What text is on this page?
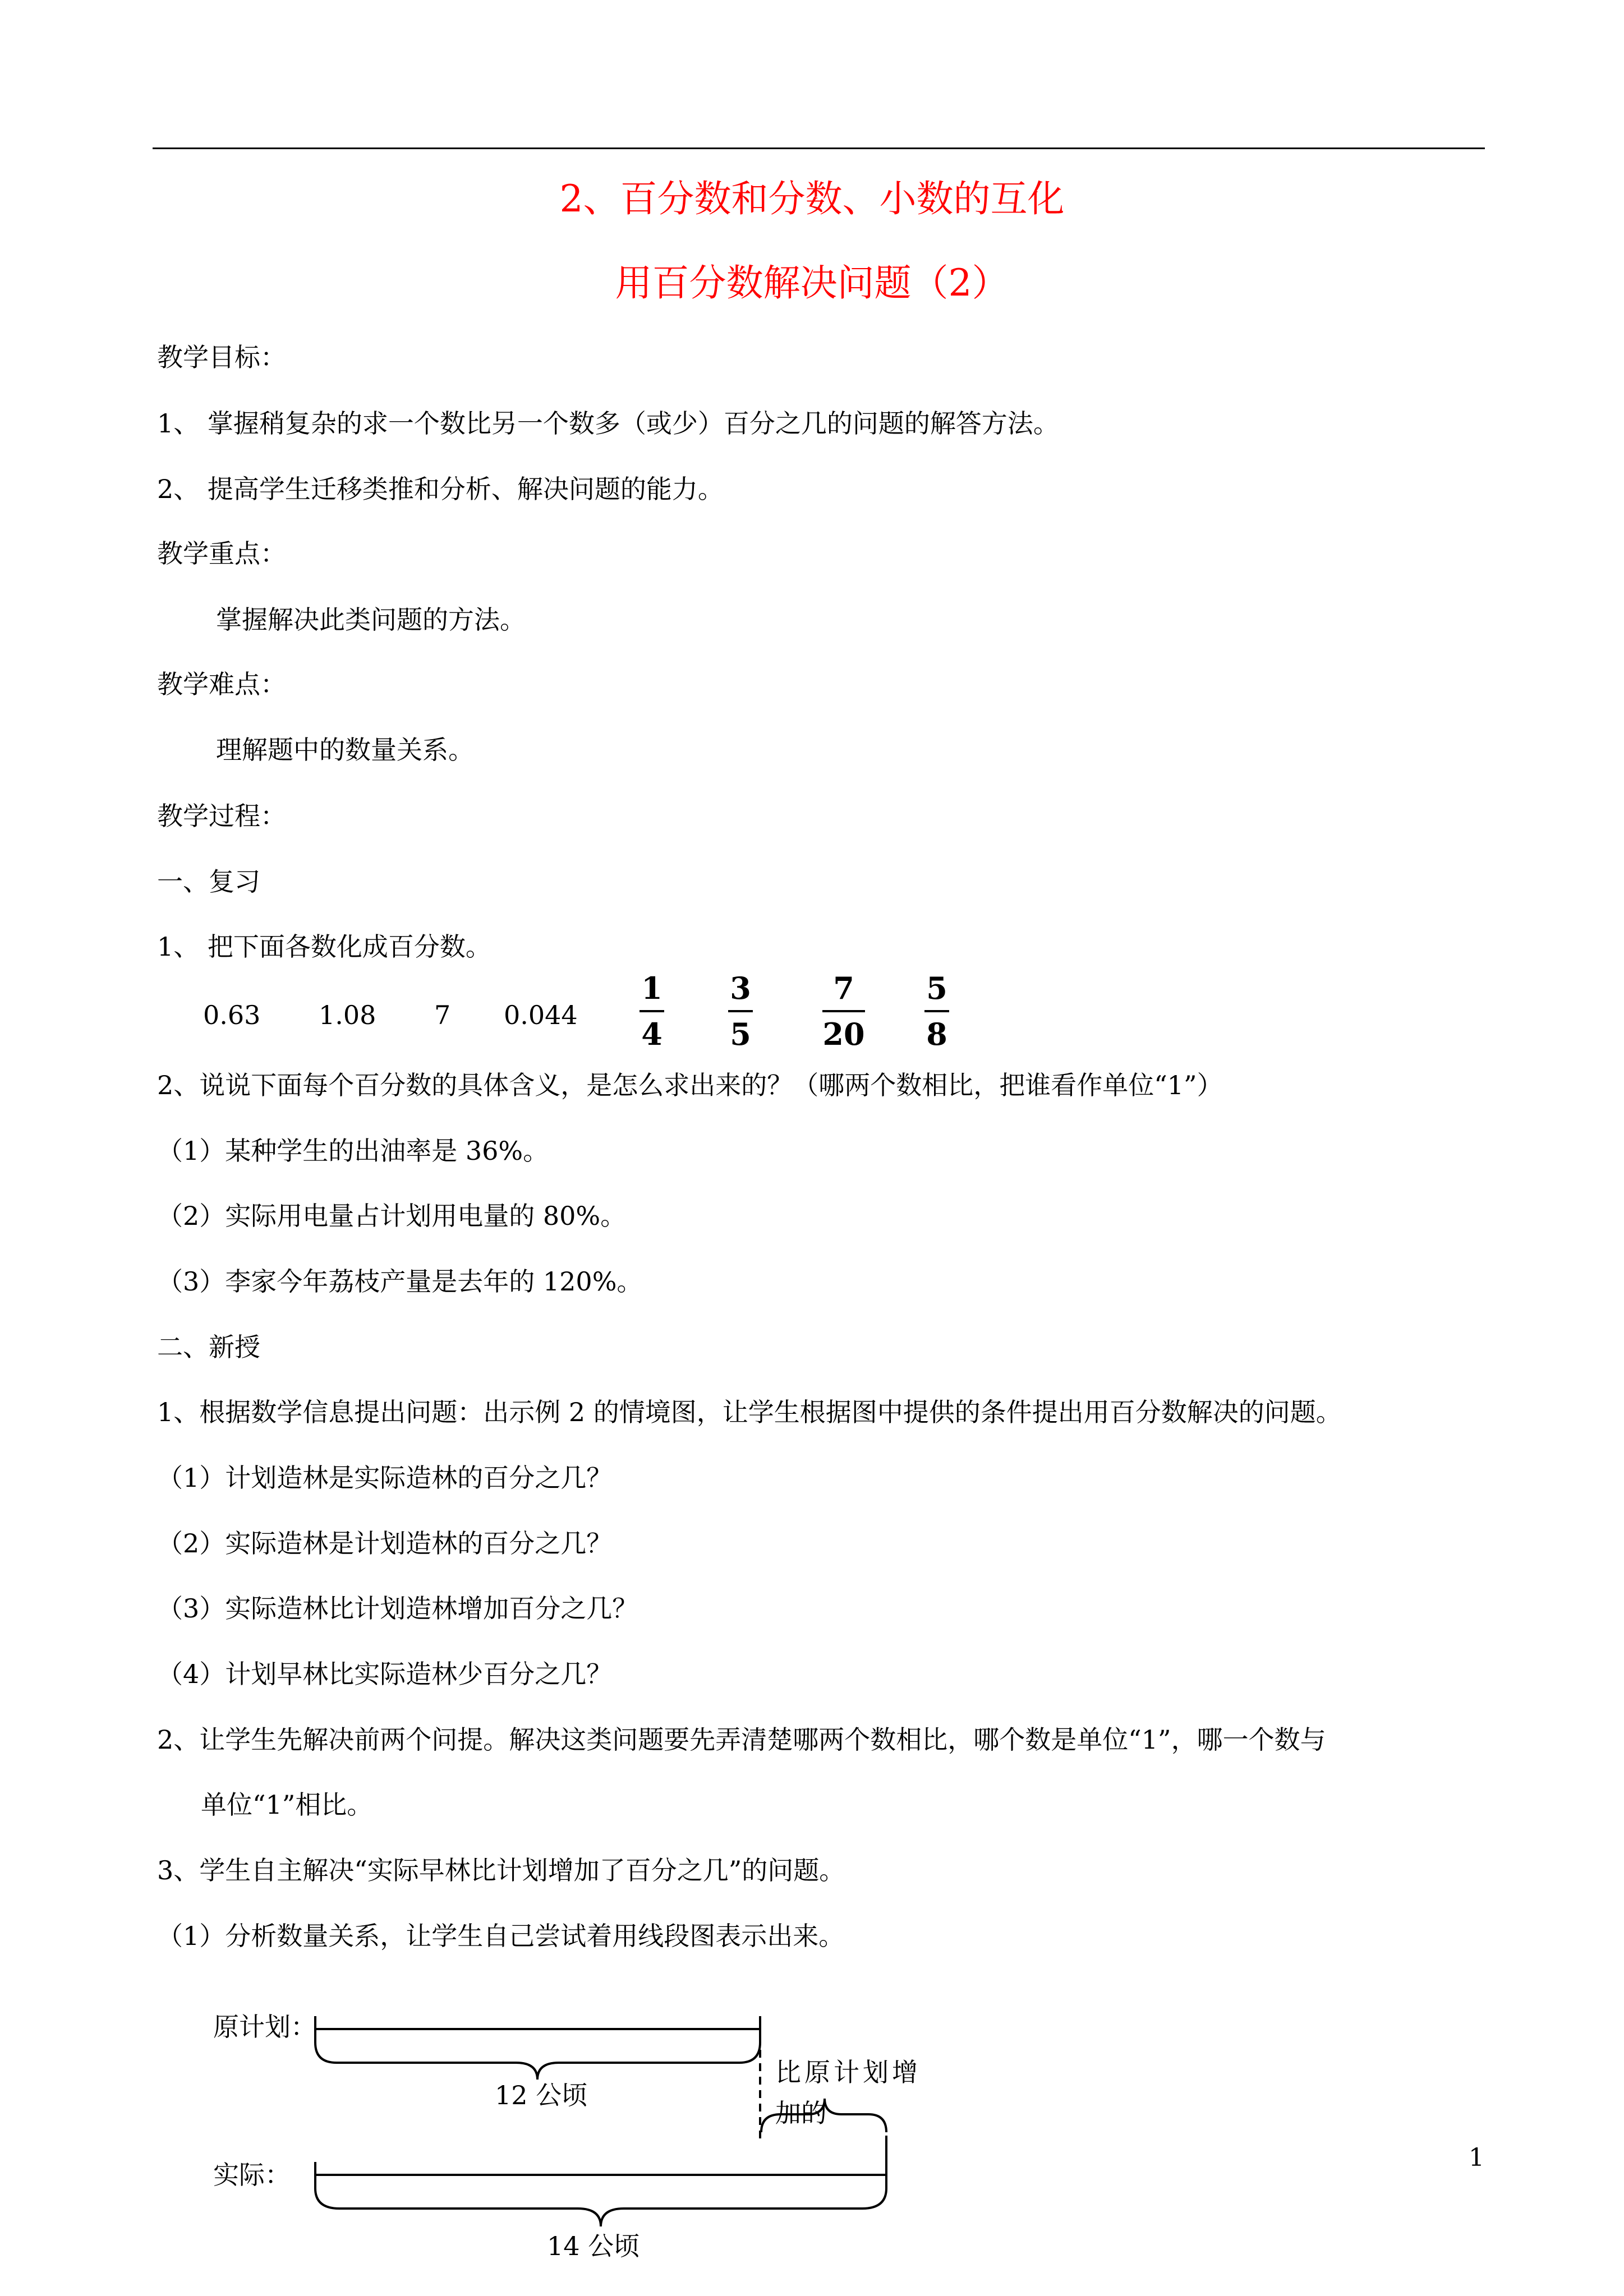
2、百分数和分数、小数的互化
用百分数解决问题（2）
教学目标：
1、 掌握稍复杂的求一个数比另一个数多（或少）百分之几的问题的解答方法。
2、 提高学生迁移类推和分析、解决问题的能力。
教学重点：
掌握解决此类问题的方法。
教学难点：
理解题中的数量关系。
教学过程：
一、复习
1、 把下面各数化成百分数。
0.63 1.08 7 0.044
1
4
3
5
7
20
5
8
2、说说下面每个百分数的具体含义，是怎么求出来的？（哪两个数相比，把谁看作单位“1”）
（1）某种学生的出油率是 36%。
（2）实际用电量占计划用电量的 80%。
（3）李家今年荔枝产量是去年的 120%。
二、新授
1、根据数学信息提出问题：出示例 2 的情境图，让学生根据图中提供的条件提出用百分数解决的问题。
（1）计划造林是实际造林的百分之几？
（2）实际造林是计划造林的百分之几？
（3）实际造林比计划造林增加百分之几？
（4）计划早林比实际造林少百分之几？
2、让学生先解决前两个问提。解决这类问题要先弄清楚哪两个数相比，哪个数是单位“1”，哪一个数与
单位“1”相比。
3、学生自主解决“实际早林比计划增加了百分之几”的问题。
（1）分析数量关系，让学生自己尝试着用线段图表示出来。
原计划：
12 公顷
比原计划增
加的
实际：
14 公顷
1
